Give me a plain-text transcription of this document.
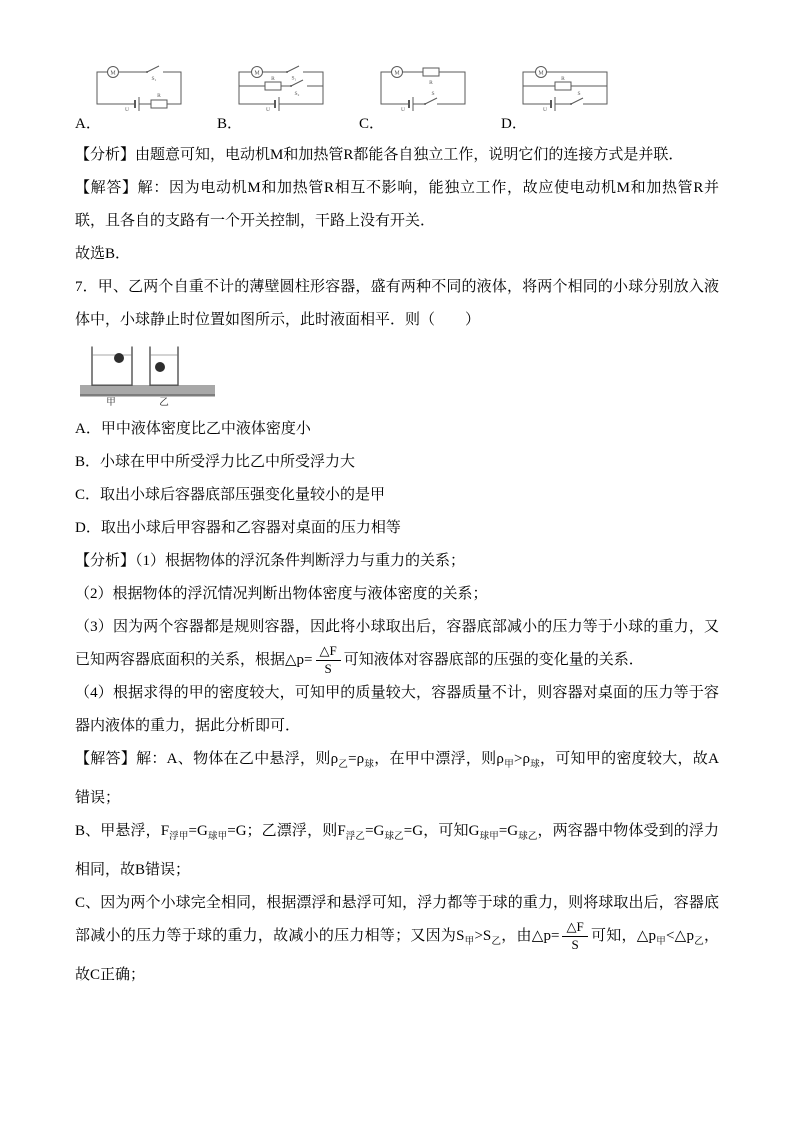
M
S₁
R
U
A．
M
S₁
S₂
R
U
B．
M
R
S
U
C．
M
R
S
U
D．

【分析】由题意可知，电动机M和加热管R都能各自独立工作，说明它们的连接方式是并联．

【解答】解：因为电动机M和加热管R相互不影响，能独立工作，故应使电动机M和加热管R并联，且各自的支路有一个开关控制，干路上没有开关．

故选B．

7．甲、乙两个自重不计的薄壁圆柱形容器，盛有两种不同的液体，将两个相同的小球分别放入液体中，小球静止时位置如图所示，此时液面相平．则（　　）

甲	乙

A．甲中液体密度比乙中液体密度小

B．小球在甲中所受浮力比乙中所受浮力大

C．取出小球后容器底部压强变化量较小的是甲

D．取出小球后甲容器和乙容器对桌面的压力相等

【分析】（1）根据物体的浮沉条件判断浮力与重力的关系；

（2）根据物体的浮沉情况判断出物体密度与液体密度的关系；

（3）因为两个容器都是规则容器，因此将小球取出后，容器底部减小的压力等于小球的重力，又已知两容器底面积的关系，根据△p= $\frac{\triangle F}{S}$ 可知液体对容器底部的压强的变化量的关系．

（4）根据求得的甲的密度较大，可知甲的质量较大，容器质量不计，则容器对桌面的压力等于容器内液体的重力，据此分析即可．

【解答】解：A、物体在乙中悬浮，则$\rho_乙=\rho_球$，在甲中漂浮，则$\rho_甲>\rho_球$，可知甲的密度较大，故A错误；

B、甲悬浮，$F_{浮甲}=G_{球甲}=G$；乙漂浮，则$F_{浮乙}=G_{球乙}=G$，可知$G_{球甲}=G_{球乙}$，两容器中物体受到的浮力相同，故B错误；

C、因为两个小球完全相同，根据漂浮和悬浮可知，浮力都等于球的重力，则将球取出后，容器底部减小的压力等于球的重力，故减小的压力相等；又因为$S_甲>S_乙$，由△p= $\frac{\triangle F}{S}$ 可知，$\triangle p_甲<\triangle p_乙$，故C正确；
